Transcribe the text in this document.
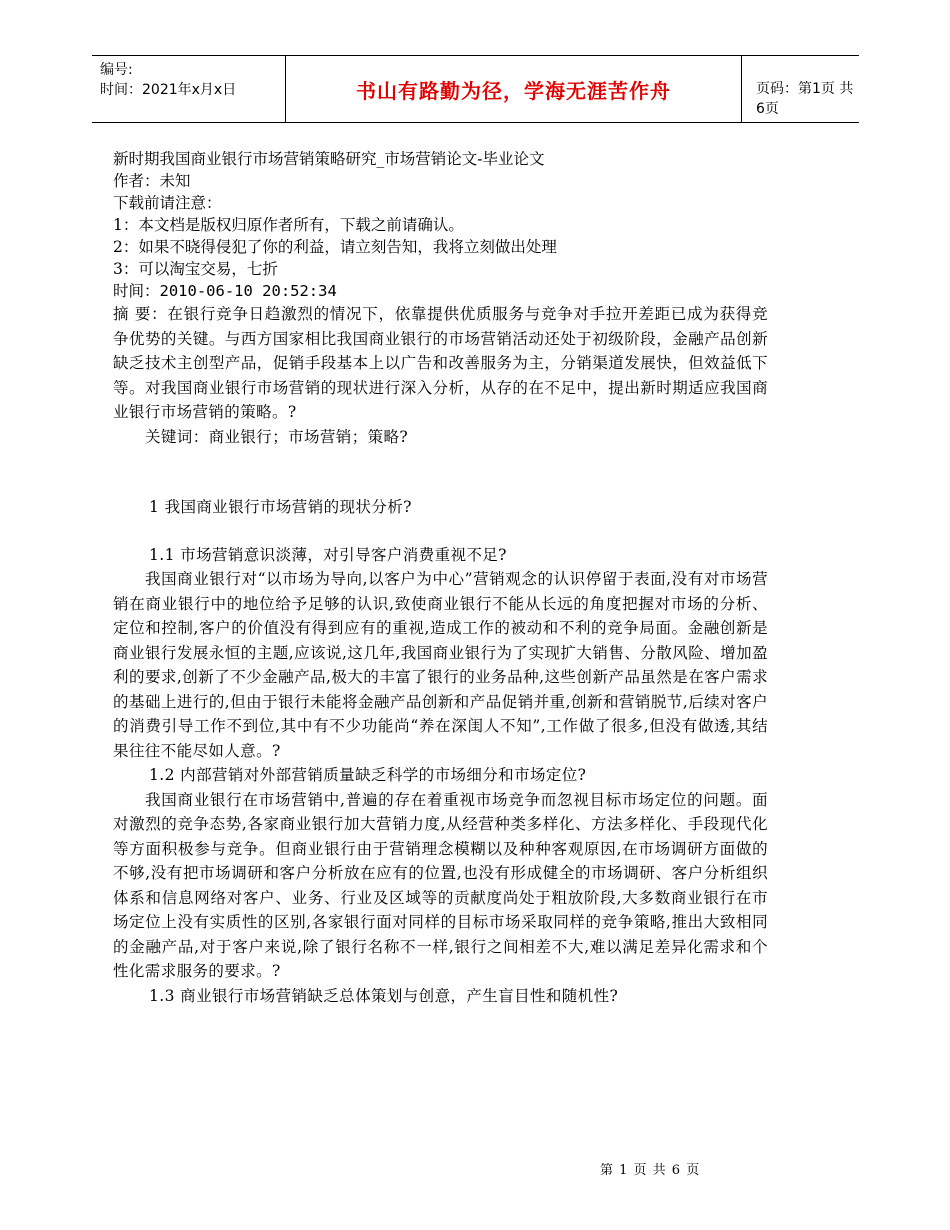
编号:
时间：2021年x月x日	书山有路勤为径，学海无涯苦作舟	页码：第1页 共6页
新时期我国商业银行市场营销策略研究_市场营销论文-毕业论文
作者：未知
下载前请注意：
1：本文档是版权归原作者所有，下载之前请确认。
2：如果不晓得侵犯了你的利益，请立刻告知，我将立刻做出处理
3：可以淘宝交易，七折
时间：2010-06-10 20:52:34
摘 要：在银行竞争日趋激烈的情况下，依靠提供优质服务与竞争对手拉开差距已成为获得竞争优势的关键。与西方国家相比我国商业银行的市场营销活动还处于初级阶段，金融产品创新缺乏技术主创型产品，促销手段基本上以广告和改善服务为主，分销渠道发展快，但效益低下等。对我国商业银行市场营销的现状进行深入分析，从存的在不足中，提出新时期适应我国商业银行市场营销的策略。?
关键词：商业银行；市场营销；策略?
1 我国商业银行市场营销的现状分析?
1.1 市场营销意识淡薄，对引导客户消费重视不足?
我国商业银行对“以市场为导向,以客户为中心”营销观念的认识停留于表面,没有对市场营销在商业银行中的地位给予足够的认识,致使商业银行不能从长远的角度把握对市场的分析、定位和控制,客户的价值没有得到应有的重视,造成工作的被动和不利的竞争局面。金融创新是商业银行发展永恒的主题,应该说,这几年,我国商业银行为了实现扩大销售、分散风险、增加盈利的要求,创新了不少金融产品,极大的丰富了银行的业务品种,这些创新产品虽然是在客户需求的基础上进行的,但由于银行未能将金融产品创新和产品促销并重,创新和营销脱节,后续对客户的消费引导工作不到位,其中有不少功能尚“养在深闺人不知”,工作做了很多,但没有做透,其结果往往不能尽如人意。?
1.2 内部营销对外部营销质量缺乏科学的市场细分和市场定位?
我国商业银行在市场营销中,普遍的存在着重视市场竞争而忽视目标市场定位的问题。面对激烈的竞争态势,各家商业银行加大营销力度,从经营种类多样化、方法多样化、手段现代化等方面积极参与竞争。但商业银行由于营销理念模糊以及种种客观原因,在市场调研方面做的不够,没有把市场调研和客户分析放在应有的位置,也没有形成健全的市场调研、客户分析组织体系和信息网络对客户、业务、行业及区域等的贡献度尚处于粗放阶段,大多数商业银行在市场定位上没有实质性的区别,各家银行面对同样的目标市场采取同样的竞争策略,推出大致相同的金融产品,对于客户来说,除了银行名称不一样,银行之间相差不大,难以满足差异化需求和个性化需求服务的要求。?
1.3 商业银行市场营销缺乏总体策划与创意，产生盲目性和随机性?
第 1 页 共 6 页
